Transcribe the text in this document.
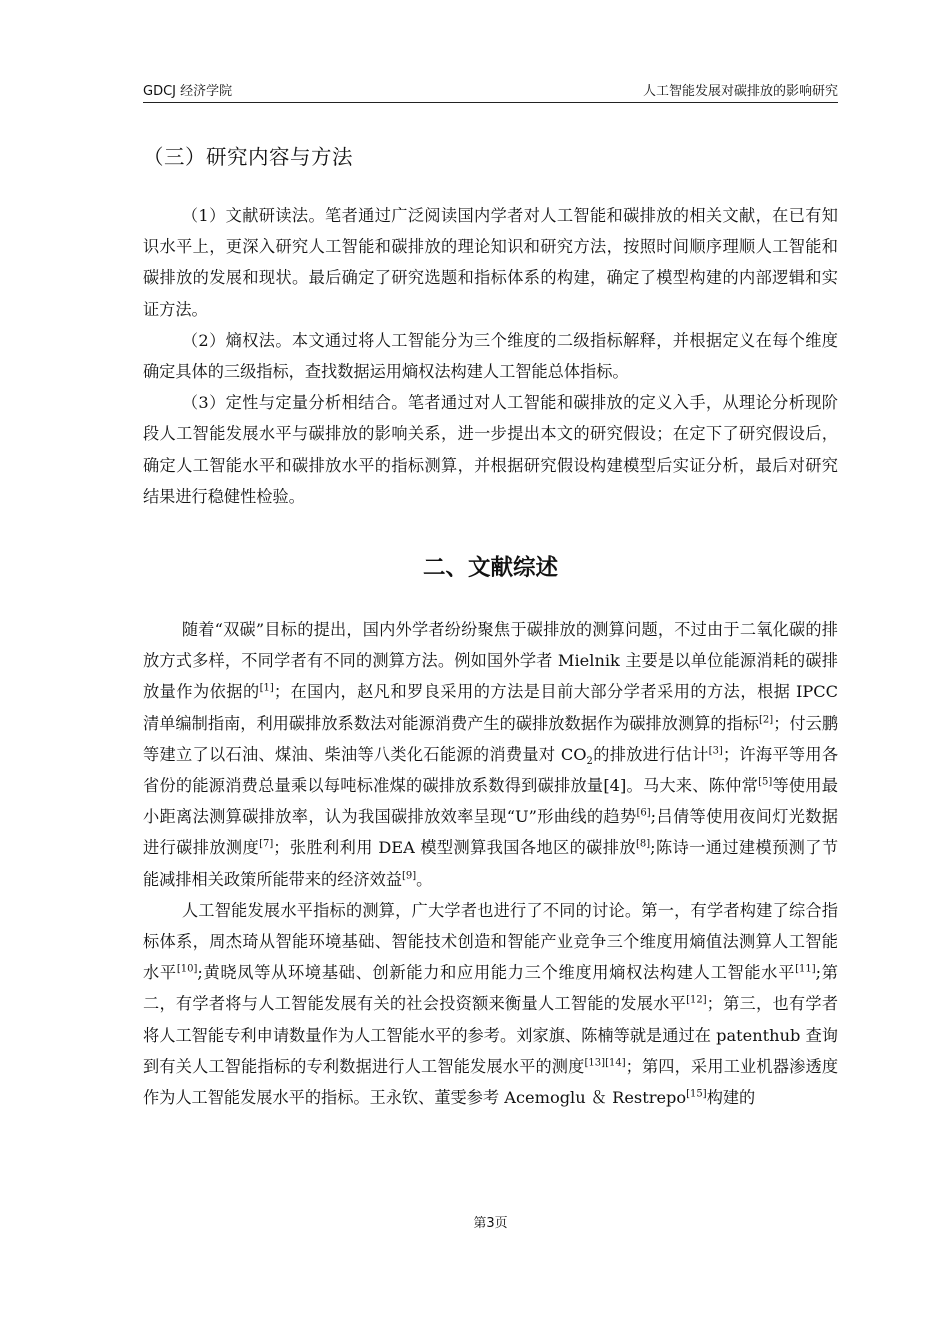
GDCJ 经济学院	人工智能发展对碳排放的影响研究
（三）研究内容与方法

（1）文献研读法。笔者通过广泛阅读国内学者对人工智能和碳排放的相关文献，在已有知识水平上，更深入研究人工智能和碳排放的理论知识和研究方法，按照时间顺序理顺人工智能和碳排放的发展和现状。最后确定了研究选题和指标体系的构建，确定了模型构建的内部逻辑和实证方法。

（2）熵权法。本文通过将人工智能分为三个维度的二级指标解释，并根据定义在每个维度确定具体的三级指标，查找数据运用熵权法构建人工智能总体指标。

（3）定性与定量分析相结合。笔者通过对人工智能和碳排放的定义入手，从理论分析现阶段人工智能发展水平与碳排放的影响关系，进一步提出本文的研究假设；在定下了研究假设后，确定人工智能水平和碳排放水平的指标测算，并根据研究假设构建模型后实证分析，最后对研究结果进行稳健性检验。

二、文献综述

随着“双碳”目标的提出，国内外学者纷纷聚焦于碳排放的测算问题，不过由于二氧化碳的排放方式多样，不同学者有不同的测算方法。例如国外学者 Mielnik 主要是以单位能源消耗的碳排放量作为依据的[1]；在国内，赵凡和罗良采用的方法是目前大部分学者采用的方法，根据 IPCC 清单编制指南，利用碳排放系数法对能源消费产生的碳排放数据作为碳排放测算的指标[2]；付云鹏等建立了以石油、煤油、柴油等八类化石能源的消费量对 $CO_2$的排放进行估计[3]；许海平等用各省份的能源消费总量乘以每吨标准煤的碳排放系数得到碳排放量[4]。马大来、陈仲常[5]等使用最小距离法测算碳排放率，认为我国碳排放效率呈现“U”形曲线的趋势[6];吕倩等使用夜间灯光数据进行碳排放测度[7]；张胜利利用 DEA 模型测算我国各地区的碳排放[8];陈诗一通过建模预测了节能减排相关政策所能带来的经济效益[9]。

人工智能发展水平指标的测算，广大学者也进行了不同的讨论。第一，有学者构建了综合指标体系，周杰琦从智能环境基础、智能技术创造和智能产业竞争三个维度用熵值法测算人工智能水平[10];黄晓凤等从环境基础、创新能力和应用能力三个维度用熵权法构建人工智能水平[11];第二，有学者将与人工智能发展有关的社会投资额来衡量人工智能的发展水平[12]；第三，也有学者将人工智能专利申请数量作为人工智能水平的参考。刘家旗、陈楠等就是通过在 patenthub 查询到有关人工智能指标的专利数据进行人工智能发展水平的测度[13][14]；第四，采用工业机器渗透度作为人工智能发展水平的指标。王永钦、董雯参考 Acemoglu ＆ Restrepo[15]构建的

第3页
